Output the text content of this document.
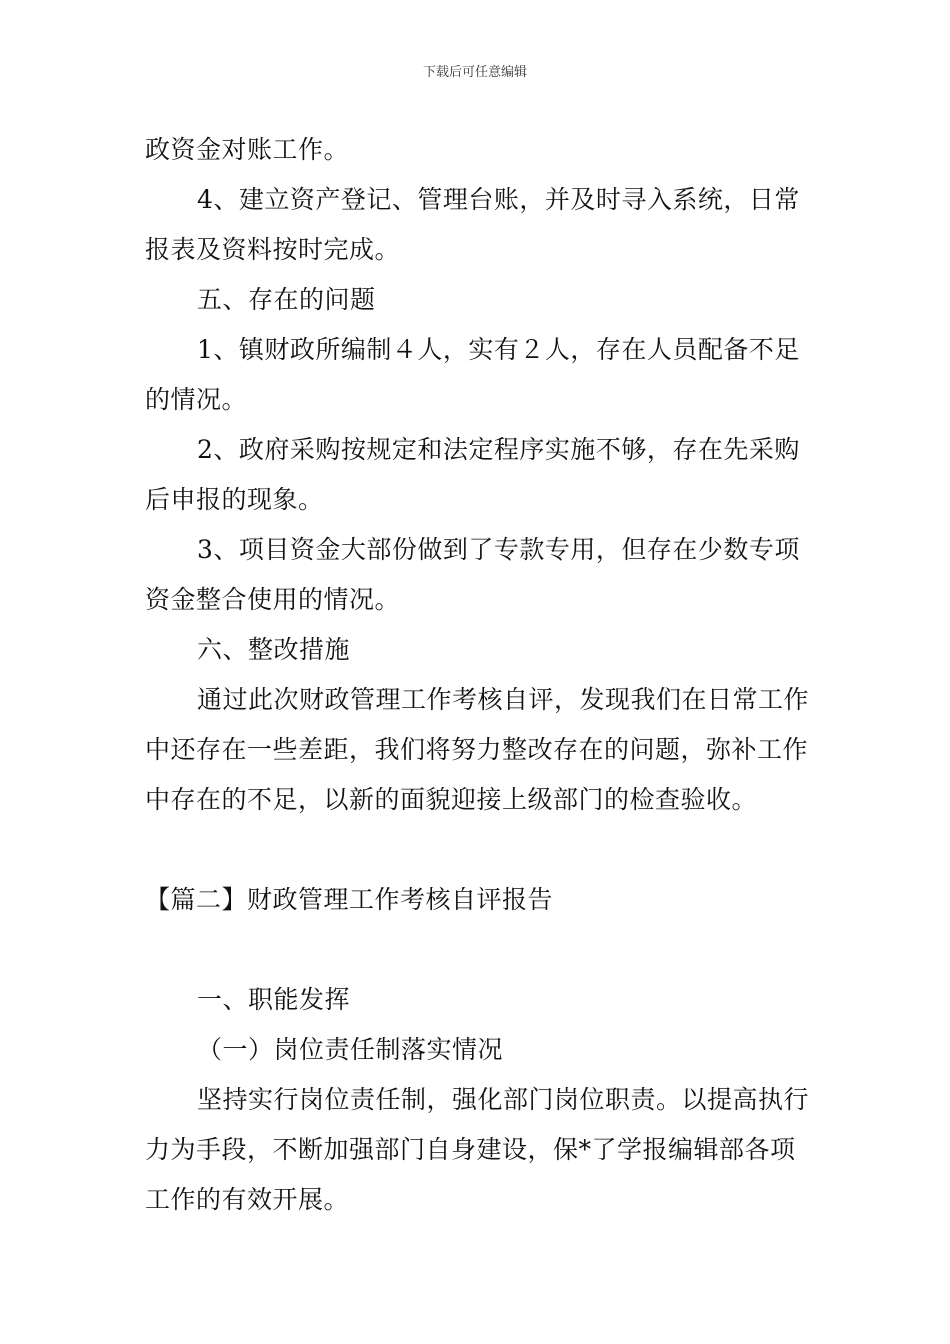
下载后可任意编辑

政资金对账工作。

4、建立资产登记、管理台账，并及时寻入系统，日常报表及资料按时完成。

五、存在的问题

1、镇财政所编制４人，实有２人，存在人员配备不足的情况。

2、政府采购按规定和法定程序实施不够，存在先采购后申报的现象。

3、项目资金大部份做到了专款专用，但存在少数专项资金整合使用的情况。

六、整改措施

通过此次财政管理工作考核自评，发现我们在日常工作中还存在一些差距，我们将努力整改存在的问题，弥补工作中存在的不足，以新的面貌迎接上级部门的检查验收。

【篇二】财政管理工作考核自评报告

一、职能发挥

（一）岗位责任制落实情况

坚持实行岗位责任制，强化部门岗位职责。以提高执行力为手段，不断加强部门自身建设，保*了学报编辑部各项工作的有效开展。
